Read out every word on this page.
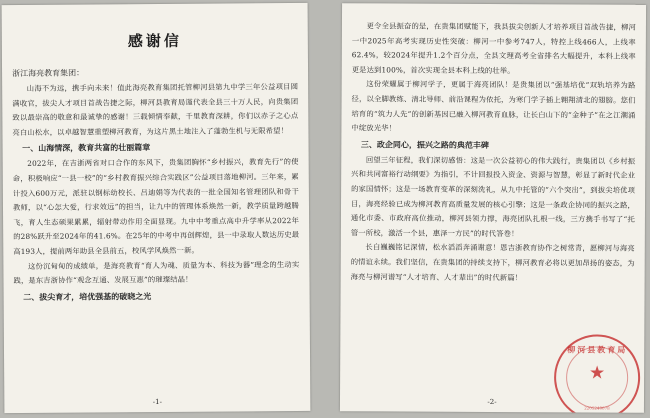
感谢信
浙江海亮教育集团：

山海不为远，携手向未来！值此海亮教育集团托管柳河县第九中学三年公益项目圆满收官，拔尖人才项目首战告捷之际，柳河县教育局谨代表全县三十万人民，向贵集团致以最崇高的敬意和最诚挚的感谢！三载倾情奉献，千里教育深耕，你们以赤子之心点亮白山松水，以卓越智慧重塑柳河教育，为这片黑土地注入了蓬勃生机与无限希望！

一、山海情深，教育共富的壮丽篇章

2022年，在吉浙两省对口合作的东风下，贵集团胸怀“乡村振兴，教育先行”的使命，积极响应“一县一校”的“乡村教育振兴综合实践区”公益项目落地柳河。三年来，累计投入600万元，派驻以钢标幼校长、吕迪娟等为代表的一批全国知名管理团队和骨干教师，以“心怎大爱，行求效远”的担当，让九中的管理体系焕然一新，教学质量跨越腾飞，育人生态硕果累累，辐射带动作用全面显现。九中中考重点高中升学率从2022年的28%跃升至2024年的41.6%。在25年的中考中再创辉煌，县一中录取人数达历史最高193人，提前两年助县全县前五，校风学风焕然一新。

这份沉甸甸的成绩单，是海亮教育“育人为魂、质量为本、科技为器”理念的生动实践，是东吉浙协作“观念互通、发展互惠”的璀璨结晶！

二、拔尖育才，培优强基的破晓之光
-1-

更令全县振奋的是，在贵集团赋能下，我县拔尖创新人才培养项目首战告捷，柳河一中2025年高考实现历史性突破：柳河一中参考747人，特控上线466人，上线率62.4%，较2024年提升1.2个百分点，全县文理高考全省排名大幅提升，本科上线率更是达到100%，首次实现全县本科上线的壮举。

这份荣耀属于柳河学子，更属于海亮团队！是贵集团以“强基培优”双轨培养为路径，以全脚教练、清北导师、前沿课程为依托，为寒门学子插上翱翔清北的翅膀。您们培育的“筑力人先”的创新基因已融入柳河教育血脉，让长白山下的“金种子”在之江潮涌中绽放光华！

三、政企同心，振兴之路的典范丰碑

回望三年征程，我们深切感悟：这是一次公益初心的伟大践行，贵集团以《乡村振兴和共同富裕行动纲要》为指引，不计回报投入资金、资源与智慧，彰显了新时代企业的家国情怀；这是一场教育变革的深刻洗礼，从九中托管的“六个突出”，到拔尖培优项目，海亮经验已成为柳河教育高质量发展的核心引擎；这是一条政企协同的振兴之路，通化市委、市政府高位推动，柳河县领力撑，海亮团队扎根一线，三方携手书写了“托管一所校，激活一个县，惠泽一方民”的时代答卷！

长白巍巍铭记深情，松水滔滔奔涌谢意！恩吉浙教育协作之树常青，愿柳河与海亮的情谊永续。我们坚信，在贵集团的持续支持下，柳河教育必将以更加昂扬的姿态，为海亮与柳河谱写“人才培育、人才辈出”的时代新篇！

-2-
柳河县教育局
★
2205240078
